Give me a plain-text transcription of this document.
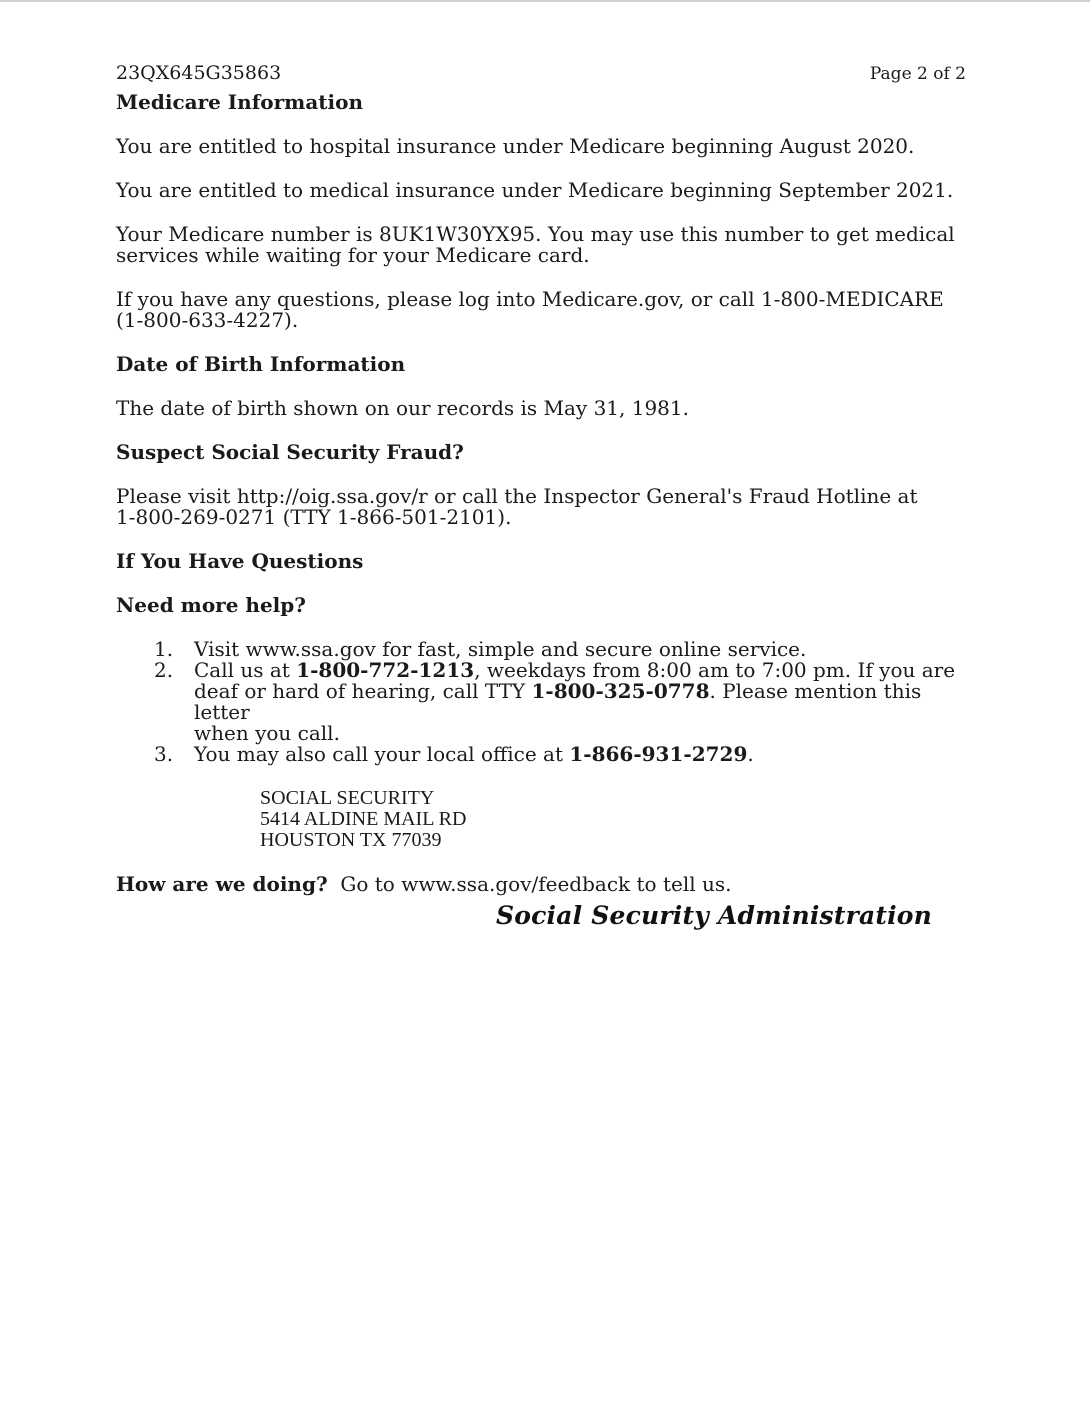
23QX645G35863	Page 2 of 2
Medicare Information

You are entitled to hospital insurance under Medicare beginning August 2020.

You are entitled to medical insurance under Medicare beginning September 2021.

Your Medicare number is 8UK1W30YX95. You may use this number to get medical

services while waiting for your Medicare card.

If you have any questions, please log into Medicare.gov, or call 1-800-MEDICARE

(1-800-633-4227).

Date of Birth Information

The date of birth shown on our records is May 31, 1981.

Suspect Social Security Fraud?

Please visit http://oig.ssa.gov/r or call the Inspector General's Fraud Hotline at

1-800-269-0271 (TTY 1-866-501-2101).

If You Have Questions
Need more help?
1.	Visit www.ssa.gov for fast, simple and secure online service.
2.	Call us at 1-800-772-1213, weekdays from 8:00 am to 7:00 pm. If you are
deaf or hard of hearing, call TTY 1-800-325-0778. Please mention this letter
when you call.
3.	You may also call your local office at 1-866-931-2729.
SOCIAL SECURITY
5414 ALDINE MAIL RD
HOUSTON TX 77039

How are we doing?  Go to www.ssa.gov/feedback to tell us.

Social Security Administration
